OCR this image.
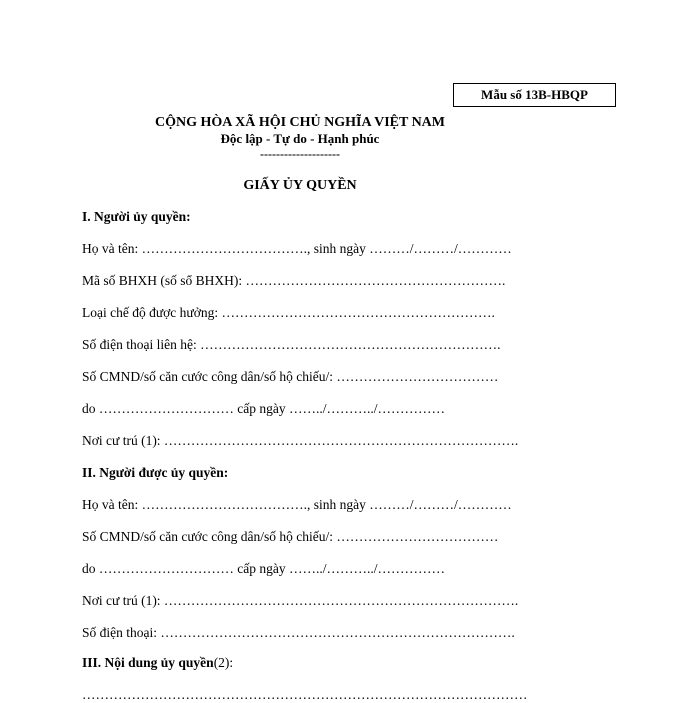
Mẫu số 13B-HBQP
CỘNG HÒA XÃ HỘI CHỦ NGHĨA VIỆT NAM
Độc lập - Tự do - Hạnh phúc
--------------------
GIẤY ỦY QUYỀN
I. Người ủy quyền:
Họ và tên: ………………………………., sinh ngày ………/………/…………
Mã số BHXH (số sổ BHXH): ………………………………………………….
Loại chế độ được hưởng: …………………………………………………….
Số điện thoại liên hệ: ………………………………………………………….
Số CMND/số căn cước công dân/số hộ chiếu/: ………………………………
do ………………………… cấp ngày ……../………../……………
Nơi cư trú (1): …………………………………………………………………….
II. Người được ủy quyền:
Họ và tên: ………………………………., sinh ngày ………/………/…………
Số CMND/số căn cước công dân/số hộ chiếu/: ………………………………
do ………………………… cấp ngày ……../………../……………
Nơi cư trú (1): …………………………………………………………………….
Số điện thoại: …………………………………………………………………….
III. Nội dung ủy quyền(2):
………………………………………………………………………………………
